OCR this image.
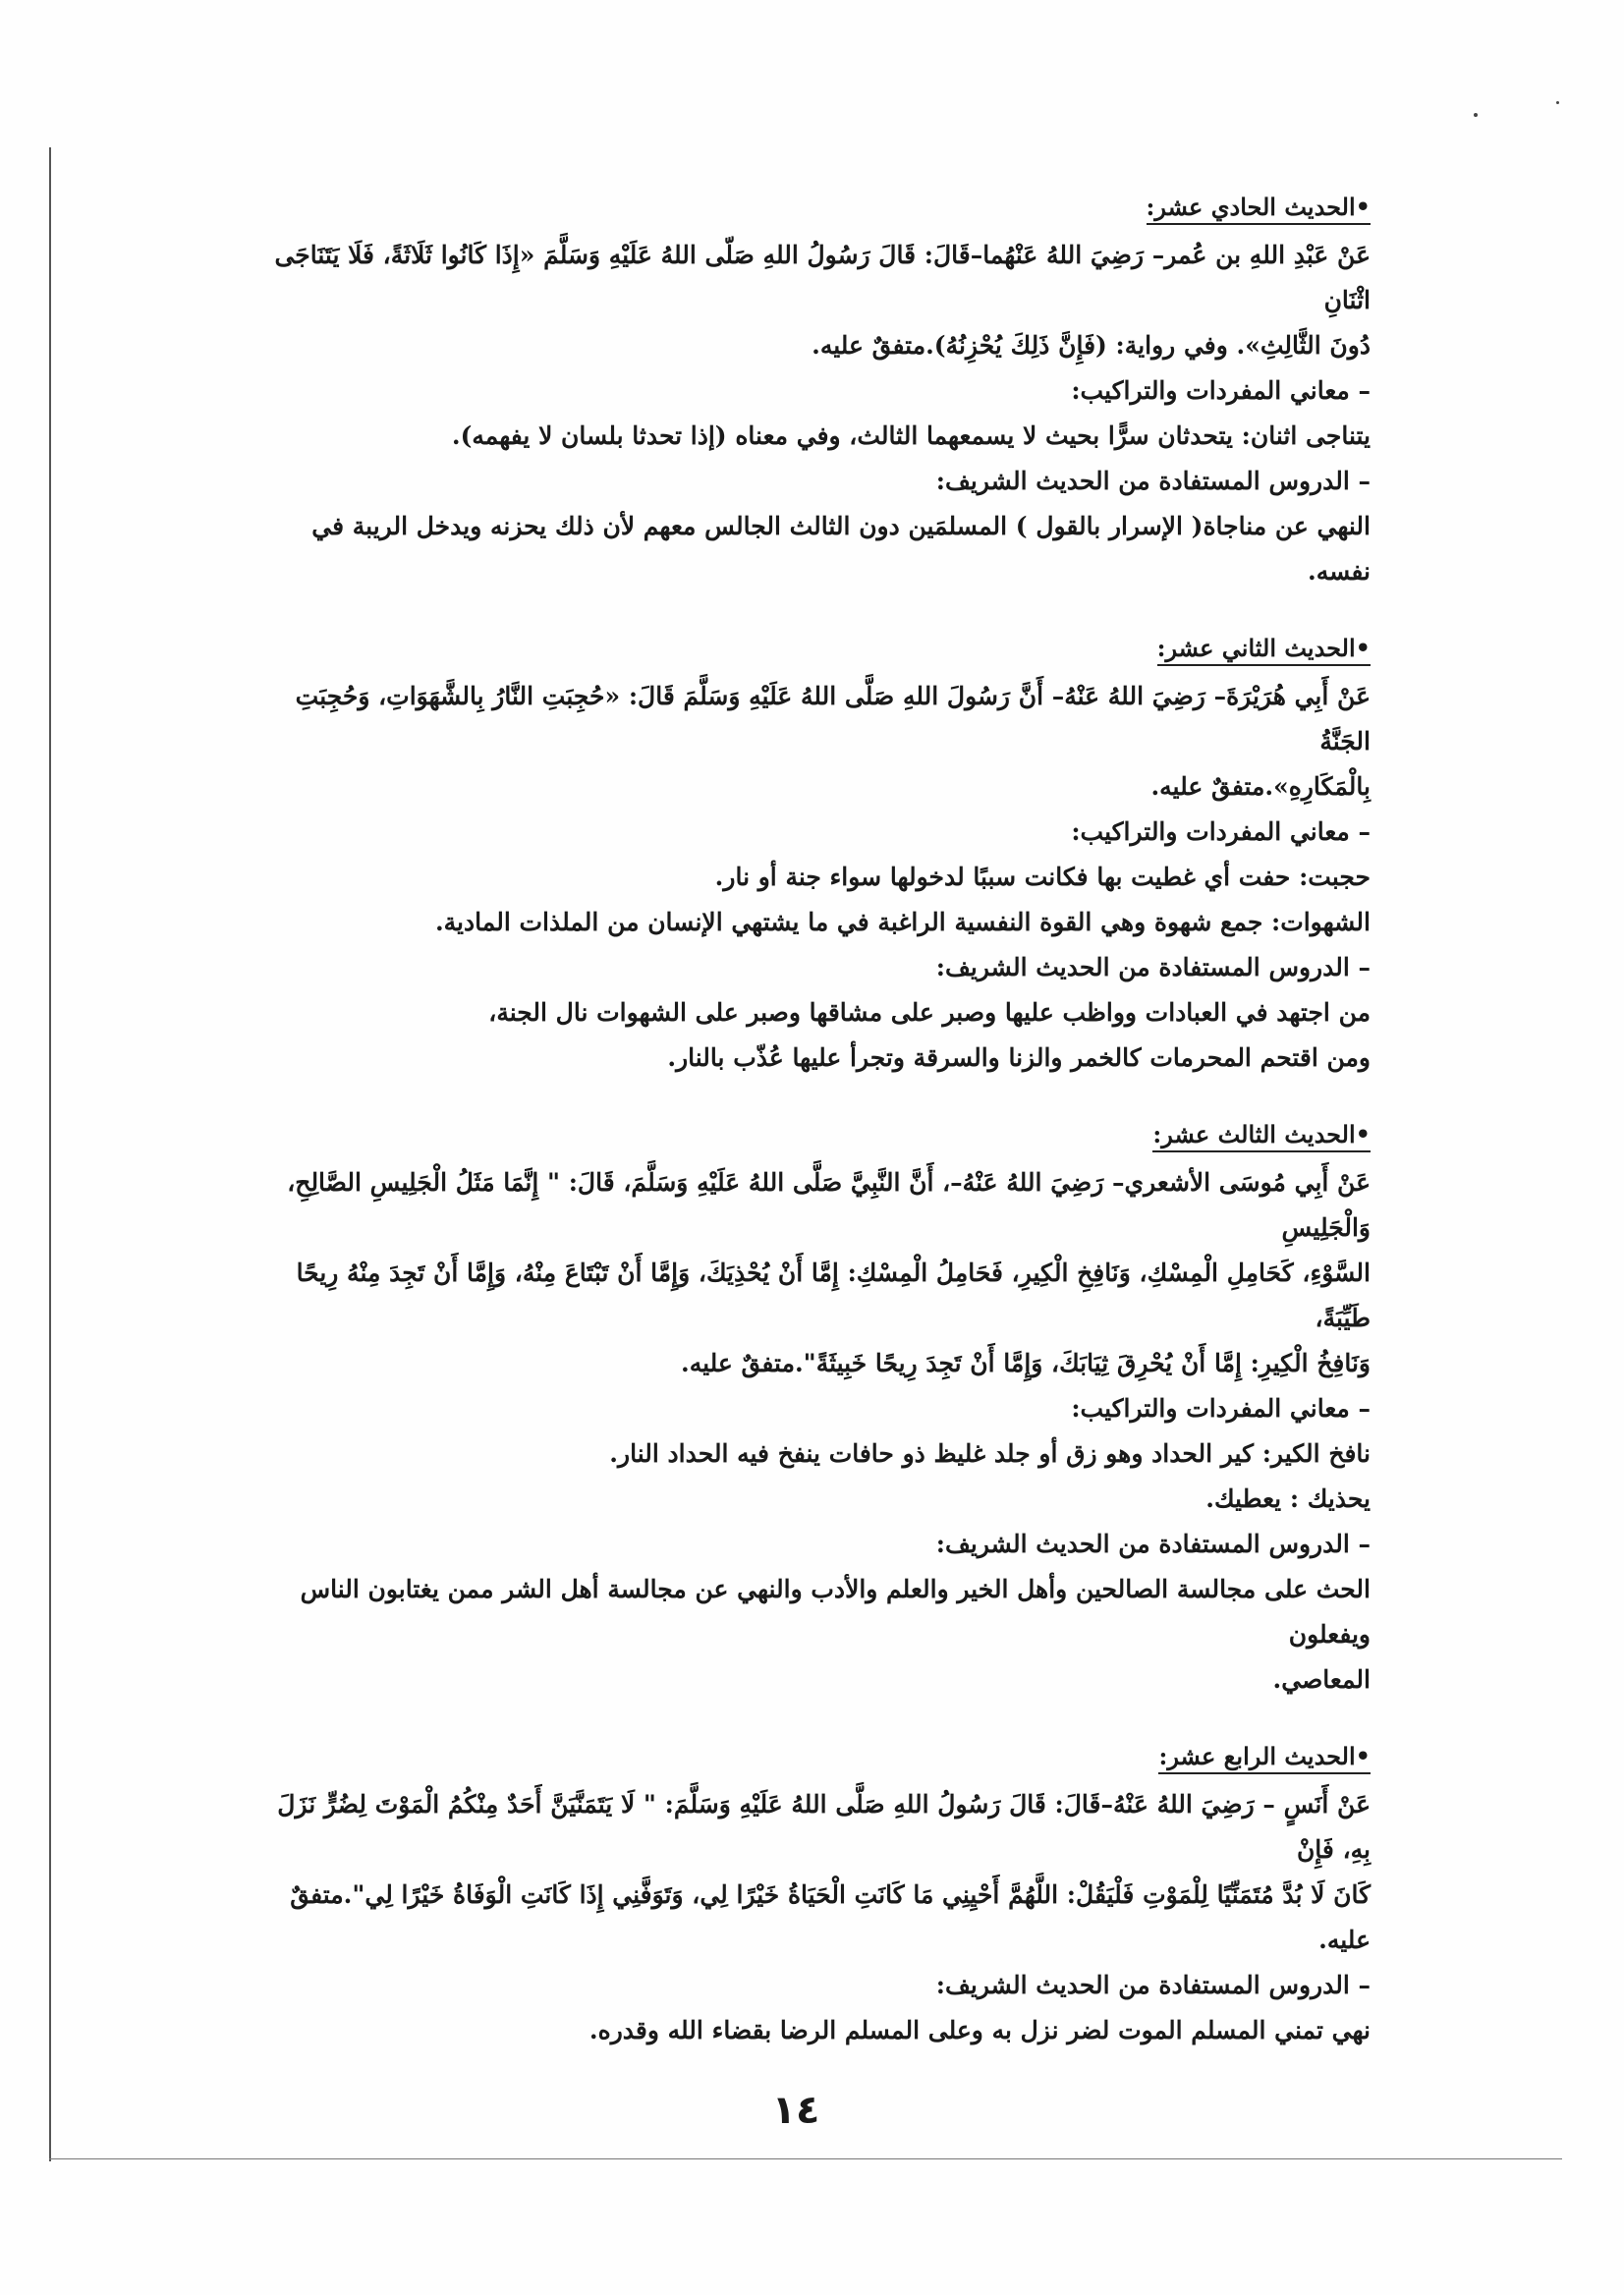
•الحديث الحادي عشر:

عَنْ عَبْدِ اللهِ بن عُمر– رَضِيَ اللهُ عَنْهُما–قَالَ: قَالَ رَسُولُ اللهِ صَلّى اللهُ عَلَيْهِ وَسَلَّمَ «إِذَا كَانُوا ثَلَاثَةً، فَلَا يَتَنَاجَى اثْنَانِ

دُونَ الثَّالِثِ». وفي رواية: (فَإِنَّ ذَلِكَ يُحْزِنُهُ).متفقٌ عليه.

– معاني المفردات والتراكيب:

يتناجى اثنان: يتحدثان سرًّا بحيث لا يسمعهما الثالث، وفي معناه (إذا تحدثا بلسان لا يفهمه).

– الدروس المستفادة من الحديث الشريف:

النهي عن مناجاة( الإسرار بالقول ) المسلمَين دون الثالث الجالس معهم لأن ذلك يحزنه ويدخل الريبة في نفسه.

•الحديث الثاني عشر:

عَنْ أَبِي هُرَيْرَةَ– رَضِيَ اللهُ عَنْهُ– أَنَّ رَسُولَ اللهِ صَلَّى اللهُ عَلَيْهِ وَسَلَّمَ قَالَ: «حُجِبَتِ النَّارُ بِالشَّهَوَاتِ، وَحُجِبَتِ الجَنَّةُ

بِالْمَكَارِهِ».متفقٌ عليه.

– معاني المفردات والتراكيب:

حجبت: حفت أي غطيت بها فكانت سببًا لدخولها سواء جنة أو نار.

الشهوات: جمع شهوة وهي القوة النفسية الراغبة في ما يشتهي الإنسان من الملذات المادية.

– الدروس المستفادة من الحديث الشريف:

من اجتهد في العبادات وواظب عليها وصبر على مشاقها وصبر على الشهوات نال الجنة،

ومن اقتحم المحرمات كالخمر والزنا والسرقة وتجرأ عليها عُذّب بالنار.

•الحديث الثالث عشر:

عَنْ أَبِي مُوسَى الأشعري– رَضِيَ اللهُ عَنْهُ–، أَنَّ النَّبِيَّ صَلَّى اللهُ عَلَيْهِ وَسَلَّمَ، قَالَ: " إِنَّمَا مَثَلُ الْجَلِيسِ الصَّالِحِ، وَالْجَلِيسِ

السَّوْءِ، كَحَامِلِ الْمِسْكِ، وَنَافِخِ الْكِيرِ، فَحَامِلُ الْمِسْكِ: إِمَّا أَنْ يُحْذِيَكَ، وَإِمَّا أَنْ تَبْتَاعَ مِنْهُ، وَإِمَّا أَنْ تَجِدَ مِنْهُ رِيحًا طَيِّبَةً،

وَنَافِخُ الْكِيرِ: إِمَّا أَنْ يُحْرِقَ ثِيَابَكَ، وَإِمَّا أَنْ تَجِدَ رِيحًا خَبِيثَةً".متفقٌ عليه.

– معاني المفردات والتراكيب:

نافخ الكير: كير الحداد وهو زق أو جلد غليظ ذو حافات ينفخ فيه الحداد النار.

يحذيك : يعطيك.

– الدروس المستفادة من الحديث الشريف:

الحث على مجالسة الصالحين وأهل الخير والعلم والأدب والنهي عن مجالسة أهل الشر ممن يغتابون الناس ويفعلون

المعاصي.

•الحديث الرابع عشر:

عَنْ أَنَسٍ – رَضِيَ اللهُ عَنْهُ–قَالَ: قَالَ رَسُولُ اللهِ صَلَّى اللهُ عَلَيْهِ وَسَلَّمَ: " لَا يَتَمَنَّيَنَّ أَحَدٌ مِنْكُمُ الْمَوْتَ لِضُرٍّ نَزَلَ بِهِ، فَإِنْ

كَانَ لَا بُدَّ مُتَمَنِّيًا لِلْمَوْتِ فَلْيَقُلْ: اللَّهُمَّ أَحْيِنِي مَا كَانَتِ الْحَيَاةُ خَيْرًا لِي، وَتَوَفَّنِي إِذَا كَانَتِ الْوَفَاةُ خَيْرًا لِي".متفقٌ عليه.

– الدروس المستفادة من الحديث الشريف:

نهي تمني المسلم الموت لضر نزل به وعلى المسلم الرضا بقضاء الله وقدره.

١٤
